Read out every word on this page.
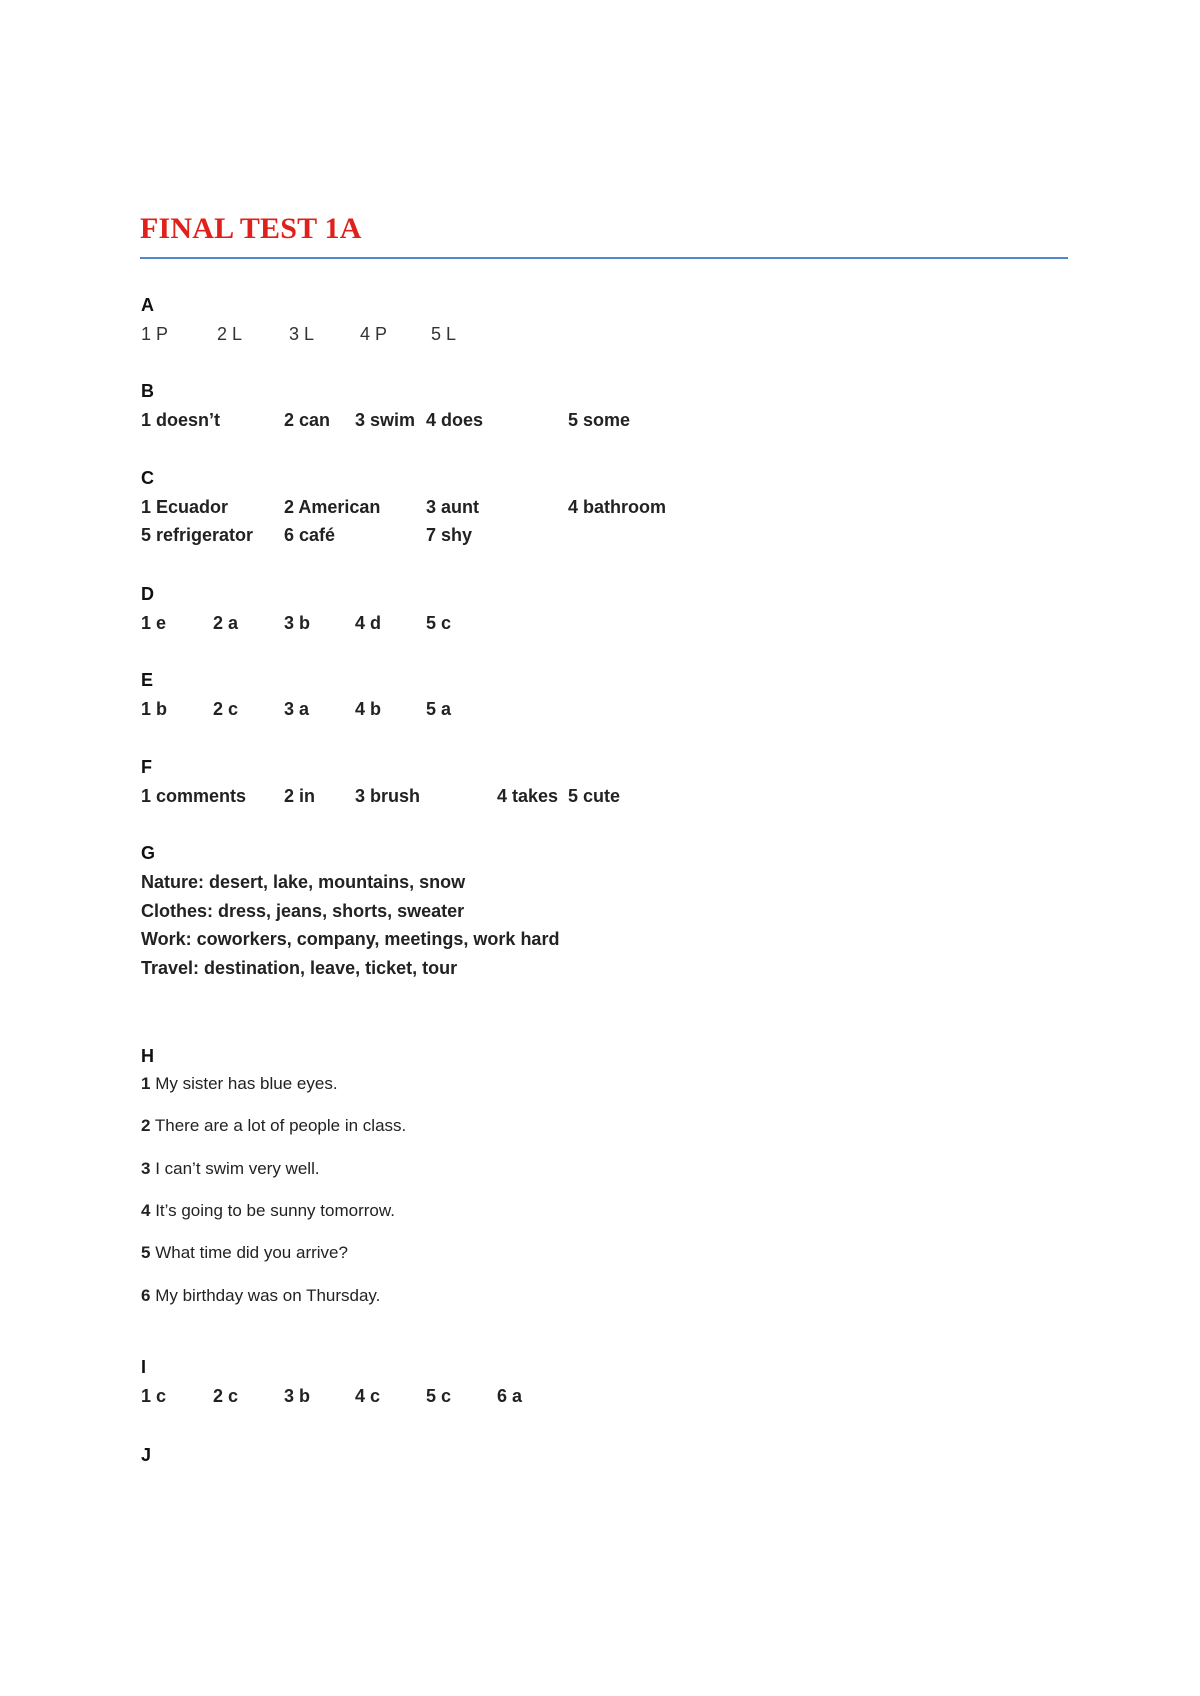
FINAL TEST 1A
A
1 P	2 L	3 L	4 P 5 L
B
1 doesn’t	2 can 3 swim 4 does	5 some
C
1 Ecuador	2 American	3 aunt	4 bathroom
5 refrigerator 6 café	7 shy
D
1 e	2 a	3 b 4 d 5 c
E
1 b	2 c	3 a	4 b 5 a
F
1 comments 2 in 3 brush	4 takes 5 cute
G
Nature: desert, lake, mountains, snow
Clothes: dress, jeans, shorts, sweater
Work: coworkers, company, meetings, work hard
Travel: destination, leave, ticket, tour
H
1 My sister has blue eyes.
2 There are a lot of people in class.
3 I can’t swim very well.
4 It’s going to be sunny tomorrow.
5 What time did you arrive?
6 My birthday was on Thursday.
I
1 c	2 c	3 b 4 c	5 c	6 a
J
